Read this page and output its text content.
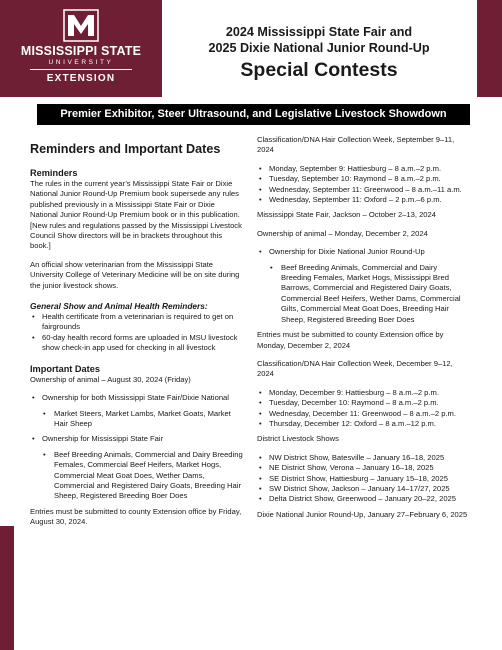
MISSISSIPPI STATE
UNIVERSITY
EXTENSION
2024 Mississippi State Fair and
2025 Dixie National Junior Round-Up
Special Contests
Premier Exhibitor, Steer Ultrasound, and Legislative Livestock Showdown
Reminders and Important Dates
Reminders

The rules in the current year’s Mississippi State Fair or Dixie National Junior Round-Up Premium book supersede any rules published previously in a Mississippi State Fair or Dixie National Junior Round-Up Premium book or in this publication. [New rules and regulations passed by the Mississippi Livestock Council Show directors will be in brackets throughout this book.]

An official show veterinarian from the Mississippi State University College of Veterinary Medicine will be on site during the junior livestock shows.

General Show and Animal Health Reminders:
• Health certificate from a veterinarian is required to get on fairgrounds
• 60-day health record forms are uploaded in MSU livestock show check-in app used for checking in all livestock
Important Dates

Ownership of animal – August 30, 2024 (Friday)

• Ownership for both Mississippi State Fair/Dixie National
• Market Steers, Market Lambs, Market Goats, Market Hair Sheep
• Ownership for Mississippi State Fair
• Beef Breeding Animals, Commercial and Dairy Breeding Females, Commercial Beef Heifers, Market Hogs, Commercial Meat Goat Does, Wether Dams, Commercial and Registered Dairy Goats, Breeding Hair Sheep, Registered Breeding Boer Does

Entries must be submitted to county Extension office by Friday, August 30, 2024.

Classification/DNA Hair Collection Week, September 9–11, 2024

• Monday, September 9: Hattiesburg – 8 a.m.–2 p.m.
• Tuesday, September 10: Raymond – 8 a.m.–2 p.m.
• Wednesday, September 11: Greenwood – 8 a.m.–11 a.m.
• Wednesday, September 11: Oxford – 2 p.m.–6 p.m.

Mississippi State Fair, Jackson – October 2–13, 2024

Ownership of animal – Monday, December 2, 2024

• Ownership for Dixie National Junior Round-Up
• Beef Breeding Animals, Commercial and Dairy Breeding Females, Market Hogs, Mississippi Bred Barrows, Commercial and Registered Dairy Goats, Commercial Beef Heifers, Wether Dams, Commercial Gilts, Commercial Meat Goat Does, Breeding Hair Sheep, Registered Breeding Boer Does

Entries must be submitted to county Extension office by Monday, December 2, 2024

Classification/DNA Hair Collection Week, December 9–12, 2024

• Monday, December 9: Hattiesburg – 8 a.m.–2 p.m.
• Tuesday, December 10: Raymond – 8 a.m.–2 p.m.
• Wednesday, December 11: Greenwood – 8 a.m.–2 p.m.
• Thursday, December 12: Oxford – 8 a.m.–12 p.m.

District Livestock Shows

• NW District Show, Batesville – January 16–18, 2025
• NE District Show, Verona – January 16–18, 2025
• SE District Show, Hattiesburg – January 15–18, 2025
• SW District Show, Jackson – January 14–17/27, 2025
• Delta District Show, Greenwood – January 20–22, 2025

Dixie National Junior Round-Up, January 27–February 6, 2025
